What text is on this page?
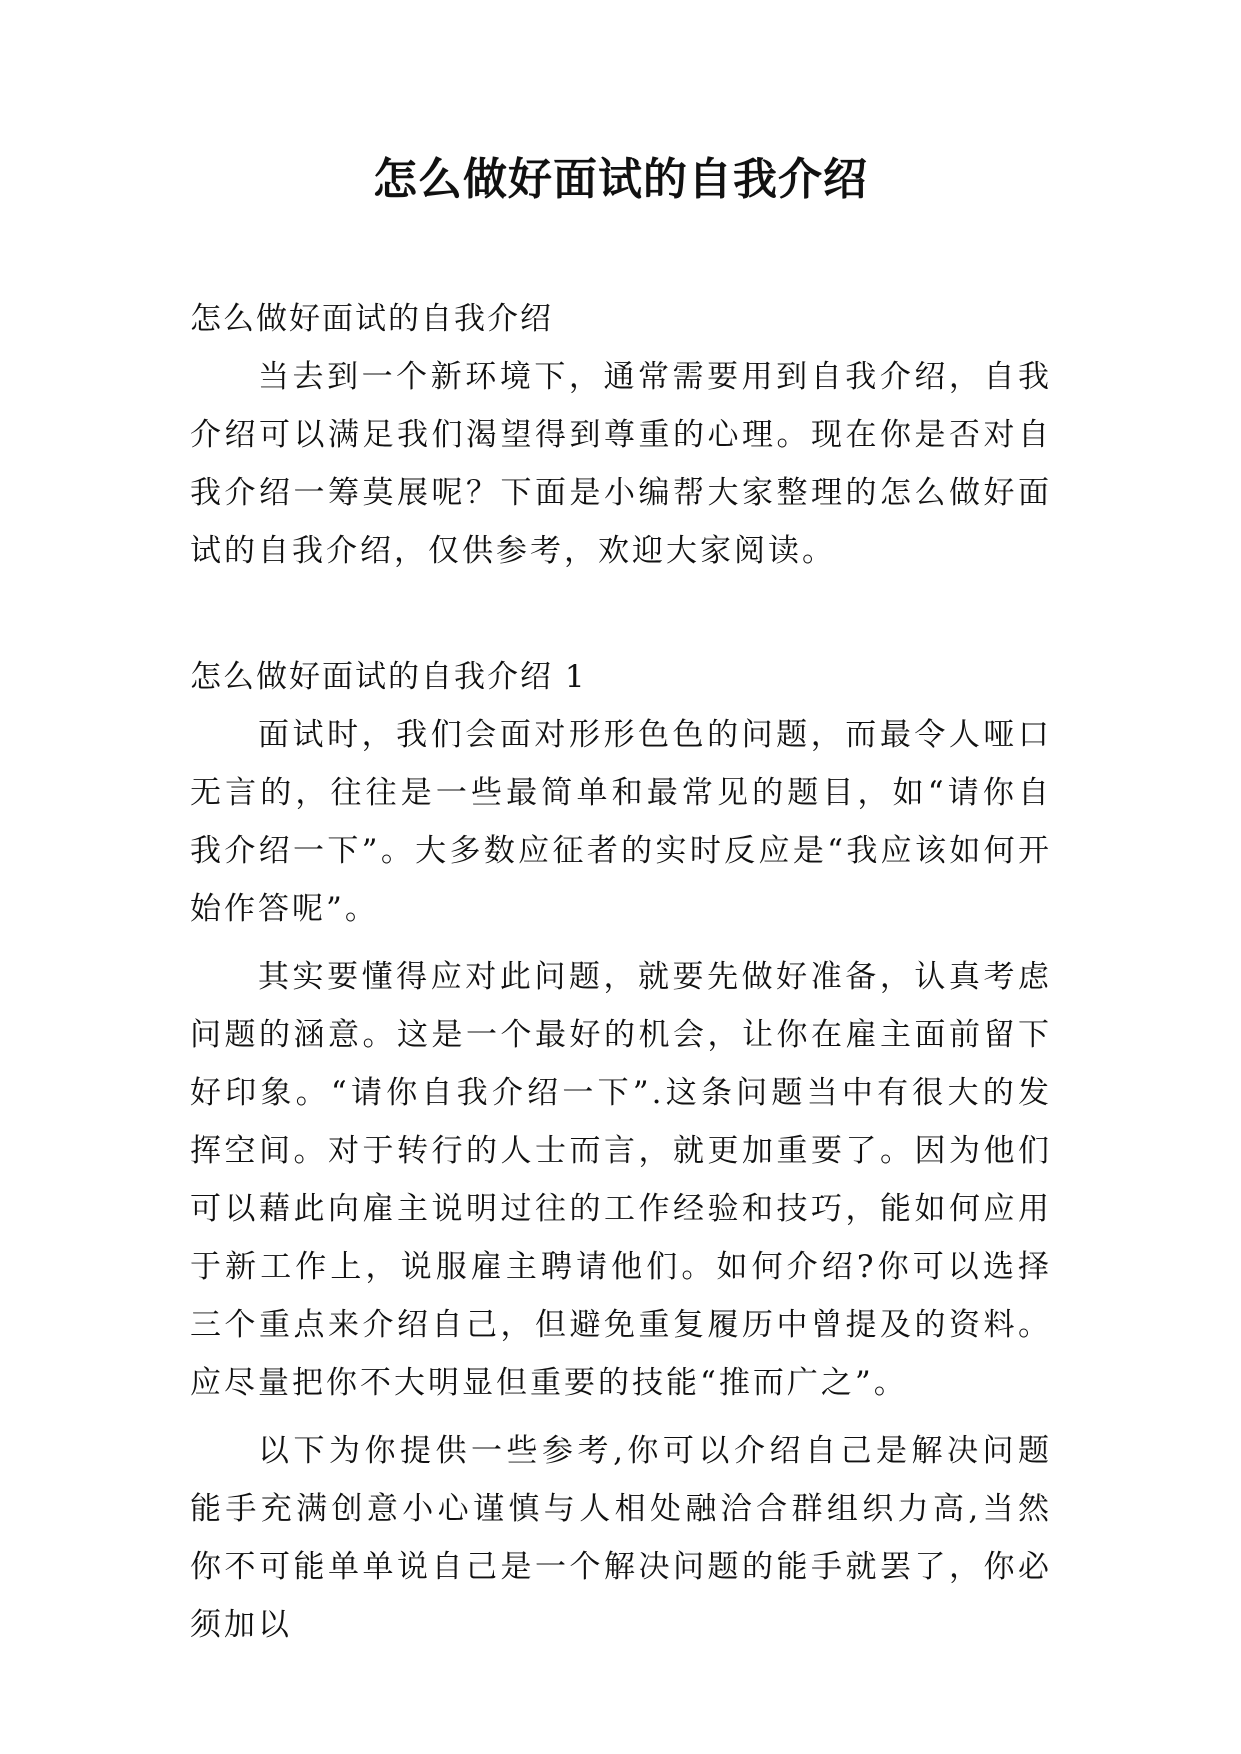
怎么做好面试的自我介绍

怎么做好面试的自我介绍

当去到一个新环境下，通常需要用到自我介绍，自我介绍可以满足我们渴望得到尊重的心理。现在你是否对自我介绍一筹莫展呢？下面是小编帮大家整理的怎么做好面试的自我介绍，仅供参考，欢迎大家阅读。

怎么做好面试的自我介绍 1

面试时，我们会面对形形色色的问题，而最令人哑口无言的，往往是一些最简单和最常见的题目，如“请你自我介绍一下”。大多数应征者的实时反应是“我应该如何开始作答呢”。

其实要懂得应对此问题，就要先做好准备，认真考虑问题的涵意。这是一个最好的机会，让你在雇主面前留下好印象。“请你自我介绍一下”.这条问题当中有很大的发挥空间。对于转行的人士而言，就更加重要了。因为他们可以藉此向雇主说明过往的工作经验和技巧，能如何应用于新工作上，说服雇主聘请他们。如何介绍?你可以选择三个重点来介绍自己，但避免重复履历中曾提及的资料。应尽量把你不大明显但重要的技能“推而广之”。

以下为你提供一些参考,你可以介绍自己是解决问题能手充满创意小心谨慎与人相处融洽合群组织力高,当然你不可能单单说自己是一个解决问题的能手就罢了，你必须加以
